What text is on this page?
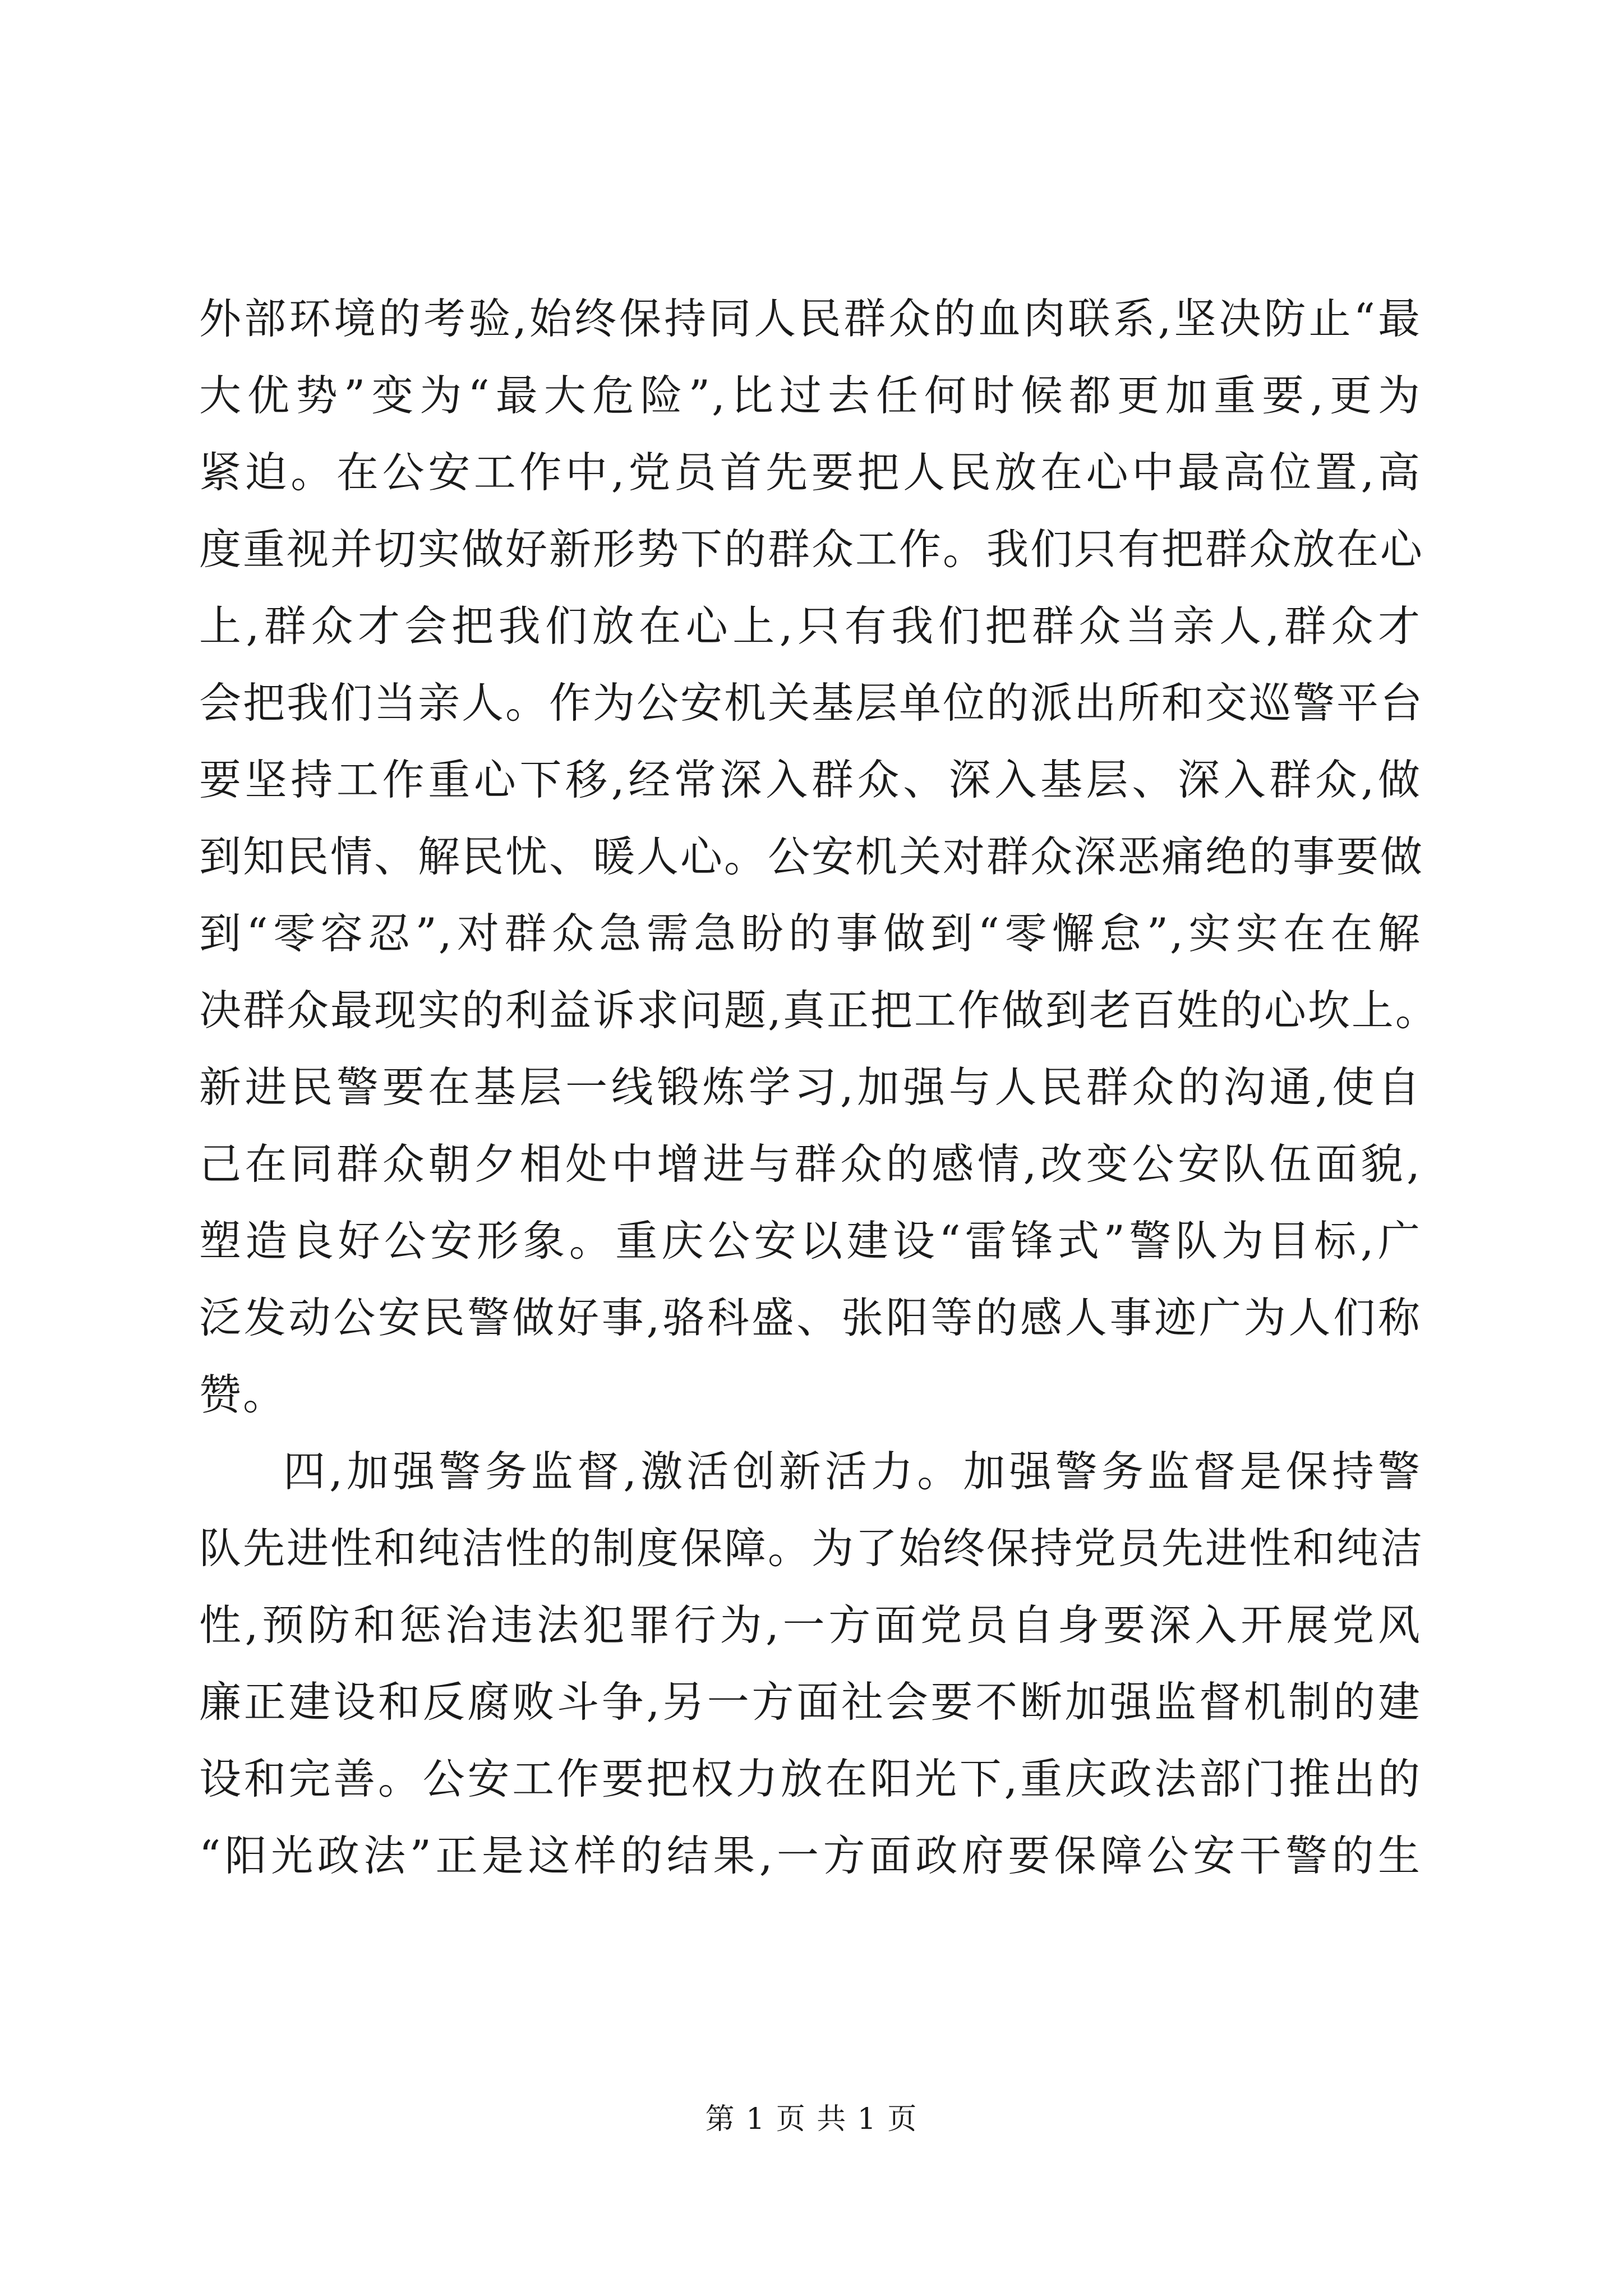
外部环境的考验,始终保持同人民群众的血肉联系,坚决防止“最
大优势”变为“最大危险”,比过去任何时候都更加重要,更为
紧迫。在公安工作中,党员首先要把人民放在心中最高位置,高
度重视并切实做好新形势下的群众工作。我们只有把群众放在心
上,群众才会把我们放在心上,只有我们把群众当亲人,群众才
会把我们当亲人。作为公安机关基层单位的派出所和交巡警平台
要坚持工作重心下移,经常深入群众、深入基层、深入群众,做
到知民情、解民忧、暖人心。公安机关对群众深恶痛绝的事要做
到“零容忍”,对群众急需急盼的事做到“零懈怠”,实实在在解
决群众最现实的利益诉求问题,真正把工作做到老百姓的心坎上。
新进民警要在基层一线锻炼学习,加强与人民群众的沟通,使自
己在同群众朝夕相处中增进与群众的感情,改变公安队伍面貌,
塑造良好公安形象。重庆公安以建设“雷锋式”警队为目标,广
泛发动公安民警做好事,骆科盛、张阳等的感人事迹广为人们称
赞。
四,加强警务监督,激活创新活力。加强警务监督是保持警
队先进性和纯洁性的制度保障。为了始终保持党员先进性和纯洁
性,预防和惩治违法犯罪行为,一方面党员自身要深入开展党风
廉正建设和反腐败斗争,另一方面社会要不断加强监督机制的建
设和完善。公安工作要把权力放在阳光下,重庆政法部门推出的
“阳光政法”正是这样的结果,一方面政府要保障公安干警的生
第 1 页 共 1 页
